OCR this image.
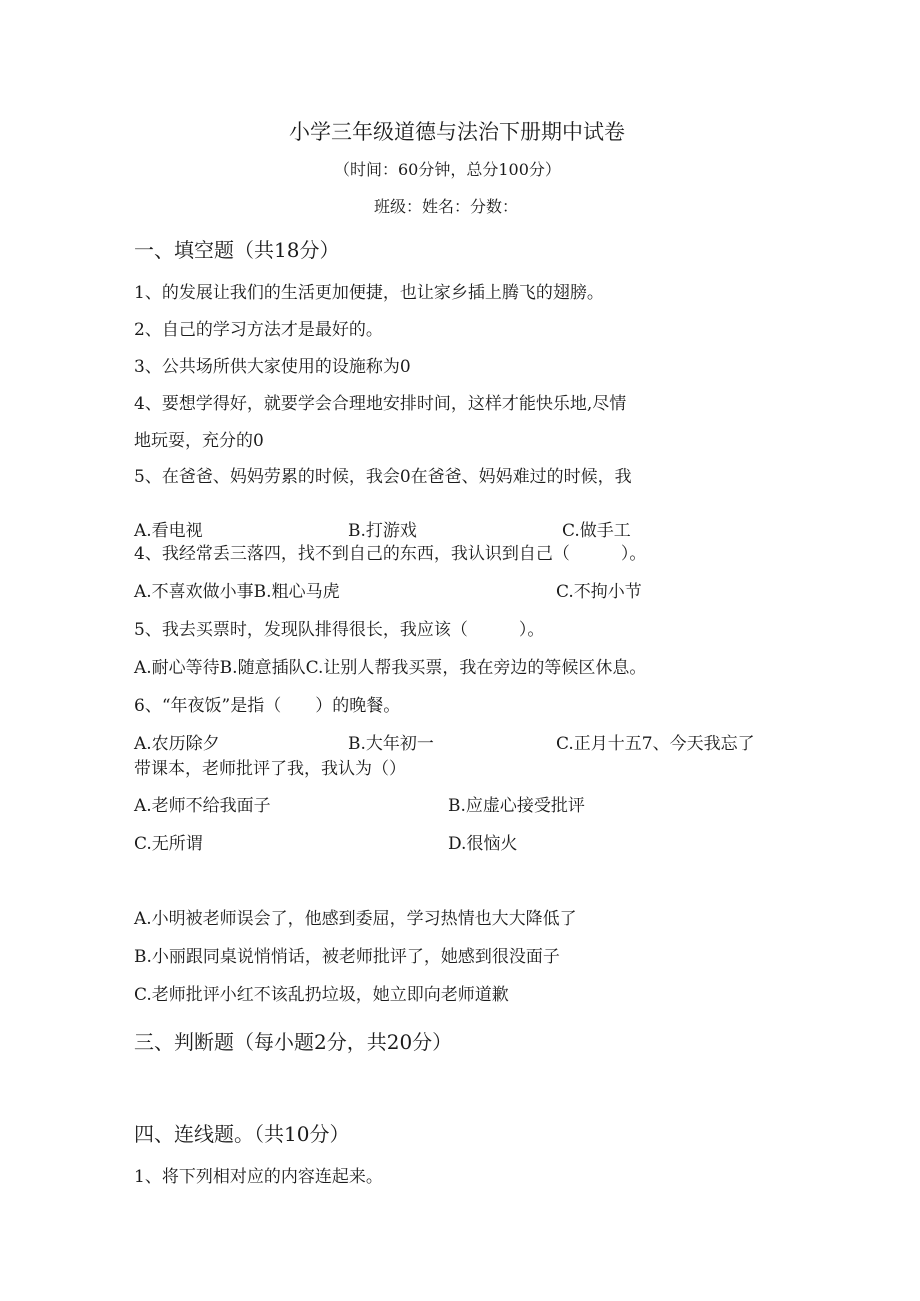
小学三年级道德与法治下册期中试卷
（时间：60分钟，总分100分）
班级：姓名：分数：
一、填空题（共18分）
1、的发展让我们的生活更加便捷，也让家乡插上腾飞的翅膀。
2、自己的学习方法才是最好的。
3、公共场所供大家使用的设施称为0
4、要想学得好，就要学会合理地安排时间，这样才能快乐地,尽情
地玩耍，充分的0
5、在爸爸、妈妈劳累的时候，我会0在爸爸、妈妈难过的时候，我
A.看电视	B.打游戏	C.做手工
4、我经常丢三落四，找不到自己的东西，我认识到自己（　　　）。
A.不喜欢做小事B.粗心马虎	C.不拘小节
5、我去买票时，发现队排得很长，我应该（　　　）。
A.耐心等待B.随意插队C.让别人帮我买票，我在旁边的等候区休息。
6、“年夜饭”是指（　　）的晚餐。
A.农历除夕	B.大年初一	C.正月十五7、今天我忘了
带课本，老师批评了我，我认为（）
A.老师不给我面子	B.应虚心接受批评
C.无所谓	D.很恼火
A.小明被老师误会了，他感到委屈，学习热情也大大降低了
B.小丽跟同桌说悄悄话，被老师批评了，她感到很没面子
C.老师批评小红不该乱扔垃圾，她立即向老师道歉
三、判断题（每小题2分，共20分）
四、连线题。（共10分）
1、将下列相对应的内容连起来。
